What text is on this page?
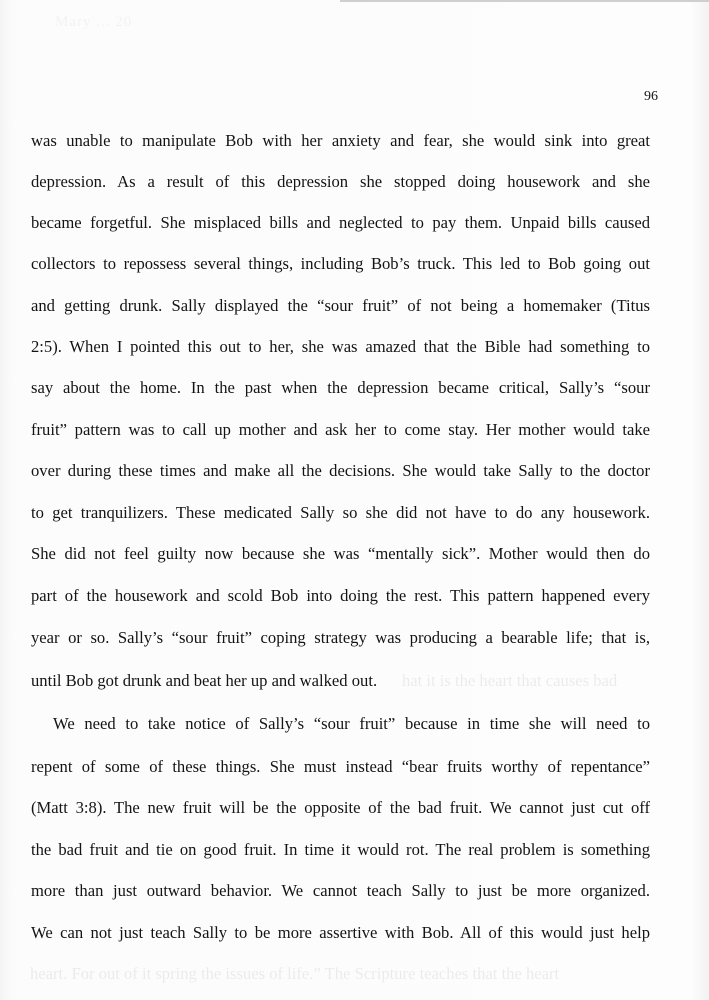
96
was unable to manipulate Bob with her anxiety and fear, she would sink into great
depression. As a result of this depression she stopped doing housework and she
became forgetful. She misplaced bills and neglected to pay them. Unpaid bills caused
collectors to repossess several things, including Bob’s truck. This led to Bob going out
and getting drunk. Sally displayed the “sour fruit” of not being a homemaker (Titus
2:5). When I pointed this out to her, she was amazed that the Bible had something to
say about the home. In the past when the depression became critical, Sally’s “sour
fruit” pattern was to call up mother and ask her to come stay. Her mother would take
over during these times and make all the decisions. She would take Sally to the doctor
to get tranquilizers. These medicated Sally so she did not have to do any housework.
She did not feel guilty now because she was “mentally sick”. Mother would then do
part of the housework and scold Bob into doing the rest. This pattern happened every
year or so. Sally’s “sour fruit” coping strategy was producing a bearable life; that is,
until Bob got drunk and beat her up and walked out. hat it is the heart that causes bad
We need to take notice of Sally’s “sour fruit” because in time she will need to
repent of some of these things. She must instead “bear fruits worthy of repentance”
(Matt 3:8). The new fruit will be the opposite of the bad fruit. We cannot just cut off
the bad fruit and tie on good fruit. In time it would rot. The real problem is something
more than just outward behavior. We cannot teach Sally to just be more organized.
We can not just teach Sally to be more assertive with Bob. All of this would just help
heart. For out of it spring the issues of life.” The Scripture teaches that the heart
